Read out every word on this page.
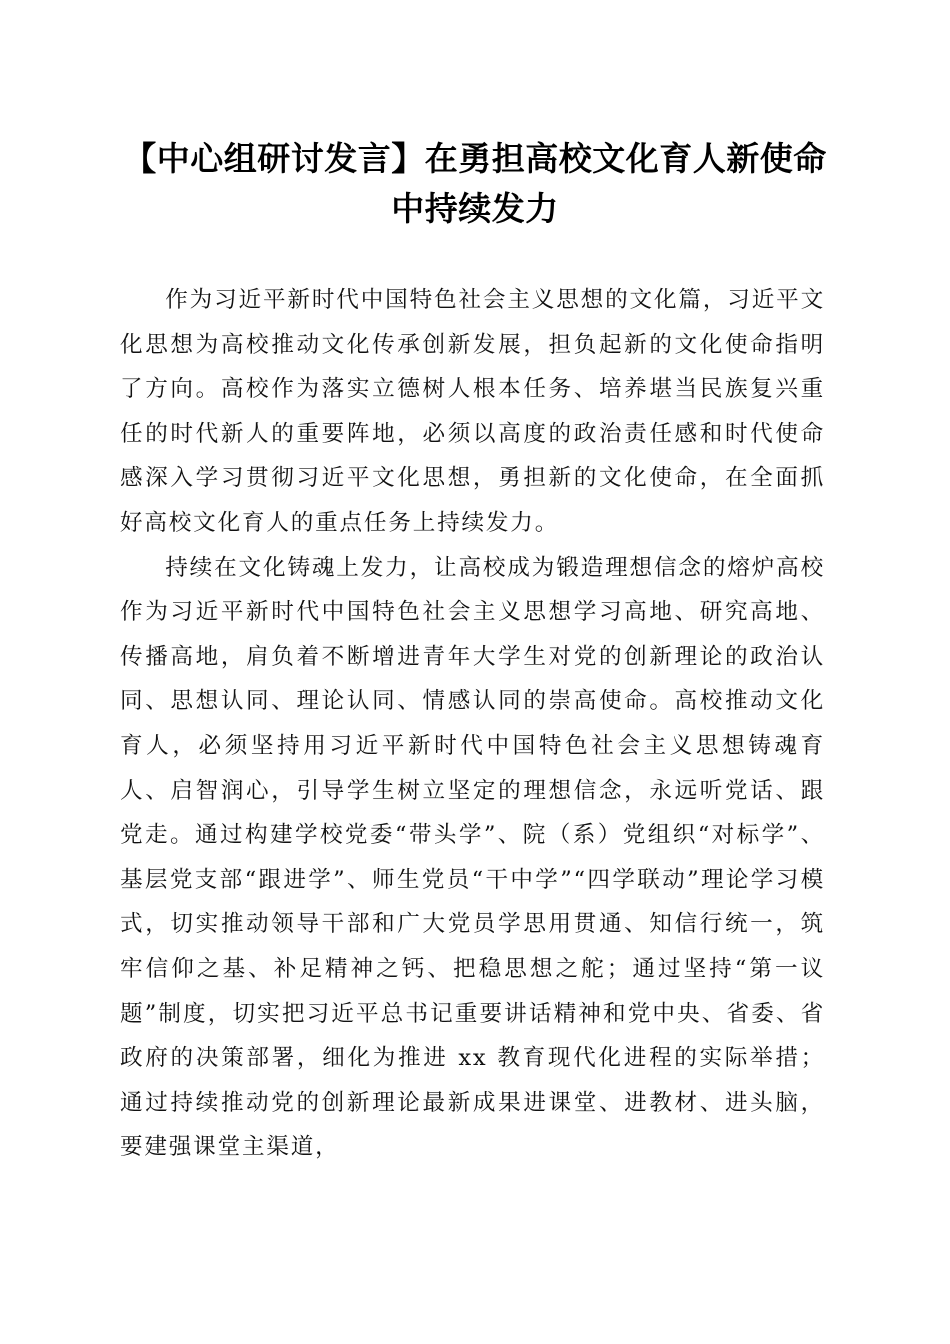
【中心组研讨发言】在勇担高校文化育人新使命中持续发力

作为习近平新时代中国特色社会主义思想的文化篇，习近平文化思想为高校推动文化传承创新发展，担负起新的文化使命指明了方向。高校作为落实立德树人根本任务、培养堪当民族复兴重任的时代新人的重要阵地，必须以高度的政治责任感和时代使命感深入学习贯彻习近平文化思想，勇担新的文化使命，在全面抓好高校文化育人的重点任务上持续发力。

持续在文化铸魂上发力，让高校成为锻造理想信念的熔炉高校作为习近平新时代中国特色社会主义思想学习高地、研究高地、传播高地，肩负着不断增进青年大学生对党的创新理论的政治认同、思想认同、理论认同、情感认同的崇高使命。高校推动文化育人，必须坚持用习近平新时代中国特色社会主义思想铸魂育人、启智润心，引导学生树立坚定的理想信念，永远听党话、跟党走。通过构建学校党委“带头学”、院（系）党组织“对标学”、基层党支部“跟进学”、师生党员“干中学”“四学联动”理论学习模式，切实推动领导干部和广大党员学思用贯通、知信行统一，筑牢信仰之基、补足精神之钙、把稳思想之舵；通过坚持“第一议题”制度，切实把习近平总书记重要讲话精神和党中央、省委、省政府的决策部署，细化为推进 xx 教育现代化进程的实际举措；通过持续推动党的创新理论最新成果进课堂、进教材、进头脑，要建强课堂主渠道，
